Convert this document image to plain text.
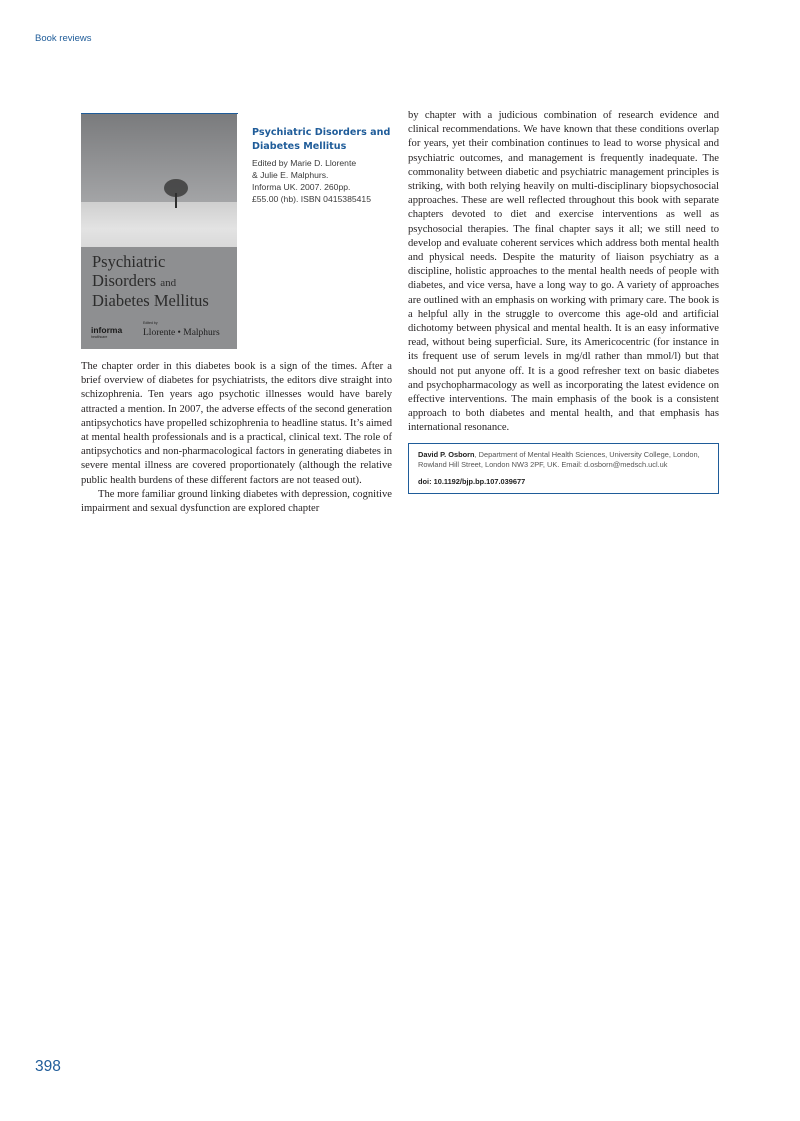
Book reviews
Psychiatric
Disorders and
Diabetes Mellitus
informa
healthcare
Edited by
Llorente • Malphurs
Psychiatric Disorders and Diabetes Mellitus
Edited by Marie D. Llorente
& Julie E. Malphurs.
Informa UK. 2007. 260pp.
£55.00 (hb). ISBN 0415385415

The chapter order in this diabetes book is a sign of the times. After a brief overview of diabetes for psychiatrists, the editors dive straight into schizophrenia. Ten years ago psychotic illnesses would have barely attracted a mention. In 2007, the adverse effects of the second generation antipsychotics have propelled schizophrenia to headline status. It’s aimed at mental health professionals and is a practical, clinical text. The role of antipsychotics and non-pharmacological factors in generating diabetes in severe mental illness are covered proportionately (although the relative public health burdens of these different factors are not teased out).

The more familiar ground linking diabetes with depression, cognitive impairment and sexual dysfunction are explored chapter

by chapter with a judicious combination of research evidence and clinical recommendations. We have known that these conditions overlap for years, yet their combination continues to lead to worse physical and psychiatric outcomes, and management is frequently inadequate. The commonality between diabetic and psychiatric management principles is striking, with both relying heavily on multi-disciplinary biopsychosocial approaches. These are well reflected throughout this book with separate chapters devoted to diet and exercise interventions as well as psychosocial therapies. The final chapter says it all; we still need to develop and evaluate coherent services which address both mental health and physical needs. Despite the maturity of liaison psychiatry as a discipline, holistic approaches to the mental health needs of people with diabetes, and vice versa, have a long way to go. A variety of approaches are outlined with an emphasis on working with primary care. The book is a helpful ally in the struggle to overcome this age-old and artificial dichotomy between physical and mental health. It is an easy informative read, without being superficial. Sure, its Americocentric (for instance in its frequent use of serum levels in mg/dl rather than mmol/l) but that should not put anyone off. It is a good refresher text on basic diabetes and psychopharmacology as well as incorporating the latest evidence on effective interventions. The main emphasis of the book is a consistent approach to both diabetes and mental health, and that emphasis has international resonance.

David P. Osborn, Department of Mental Health Sciences, University College, London, Rowland Hill Street, London NW3 2PF, UK. Email: d.osborn@medsch.ucl.uk
doi: 10.1192/bjp.bp.107.039677
398
